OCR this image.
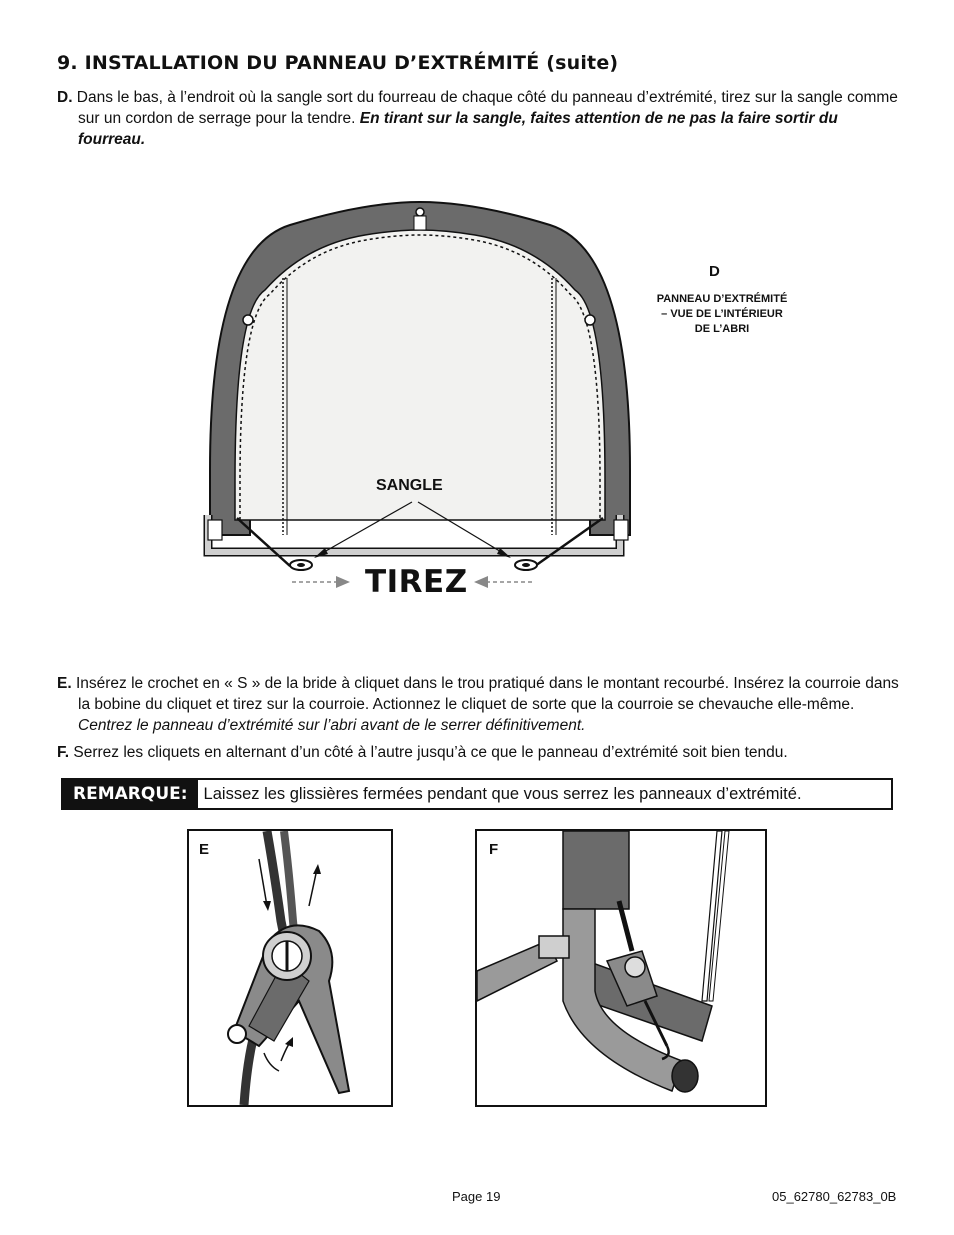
9. INSTALLATION DU PANNEAU D’EXTRÉMITÉ (suite)
D. Dans le bas, à l’endroit où la sangle sort du fourreau de chaque côté du panneau d’extrémité, tirez sur la sangle comme sur un cordon de serrage pour la tendre. En tirant sur la sangle, faites attention de ne pas la faire sortir du fourreau.
SANGLE
TIREZ
D
PANNEAU D’EXTRÉMITÉ
– VUE DE L’INTÉRIEUR
DE L’ABRI
E. Insérez le crochet en « S » de la bride à cliquet dans le trou pratiqué dans le montant recourbé. Insérez la courroie dans la bobine du cliquet et tirez sur la courroie. Actionnez le cliquet de sorte que la courroie se chevauche elle-même. Centrez le panneau d’extrémité sur l’abri avant de le serrer définitivement.
F. Serrez les cliquets en alternant d’un côté à l’autre jusqu’à ce que le panneau d’extrémité soit bien tendu.
REMARQUE: Laissez les glissières fermées pendant que vous serrez les panneaux d’extrémité.
E	F
Page 19	05_62780_62783_0B
